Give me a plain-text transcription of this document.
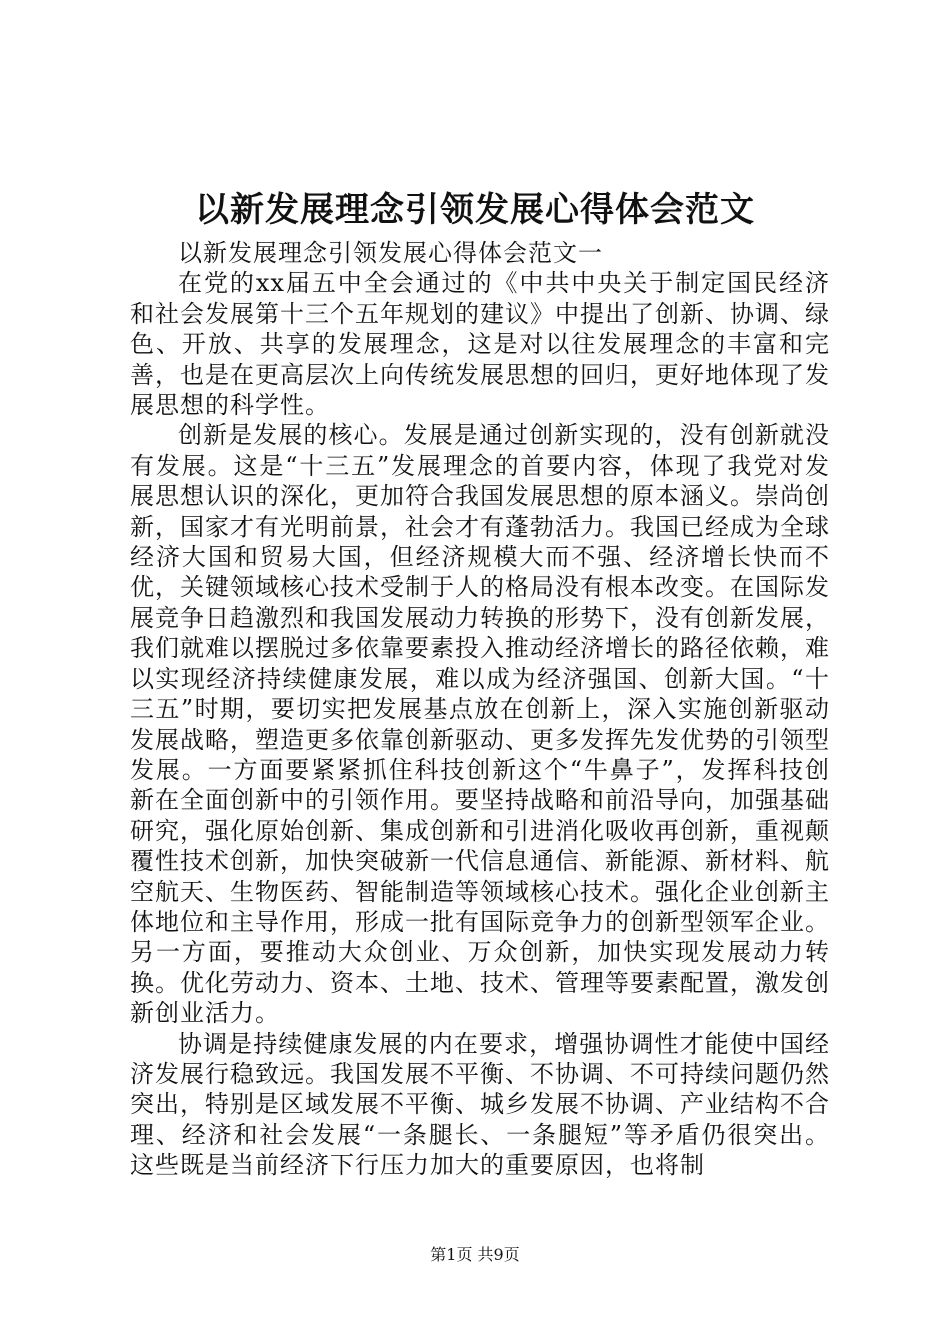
以新发展理念引领发展心得体会范文

以新发展理念引领发展心得体会范文一

在党的xx届五中全会通过的《中共中央关于制定国民经济和社会发展第十三个五年规划的建议》中提出了创新、协调、绿色、开放、共享的发展理念，这是对以往发展理念的丰富和完善，也是在更高层次上向传统发展思想的回归，更好地体现了发展思想的科学性。

创新是发展的核心。发展是通过创新实现的，没有创新就没有发展。这是“十三五”发展理念的首要内容，体现了我党对发展思想认识的深化，更加符合我国发展思想的原本涵义。崇尚创新，国家才有光明前景，社会才有蓬勃活力。我国已经成为全球经济大国和贸易大国，但经济规模大而不强、经济增长快而不优，关键领域核心技术受制于人的格局没有根本改变。在国际发展竞争日趋激烈和我国发展动力转换的形势下，没有创新发展，我们就难以摆脱过多依靠要素投入推动经济增长的路径依赖，难以实现经济持续健康发展，难以成为经济强国、创新大国。“十三五”时期，要切实把发展基点放在创新上，深入实施创新驱动发展战略，塑造更多依靠创新驱动、更多发挥先发优势的引领型发展。一方面要紧紧抓住科技创新这个“牛鼻子”，发挥科技创新在全面创新中的引领作用。要坚持战略和前沿导向，加强基础研究，强化原始创新、集成创新和引进消化吸收再创新，重视颠覆性技术创新，加快突破新一代信息通信、新能源、新材料、航空航天、生物医药、智能制造等领域核心技术。强化企业创新主体地位和主导作用，形成一批有国际竞争力的创新型领军企业。另一方面，要推动大众创业、万众创新，加快实现发展动力转换。优化劳动力、资本、土地、技术、管理等要素配置，激发创新创业活力。

协调是持续健康发展的内在要求，增强协调性才能使中国经济发展行稳致远。我国发展不平衡、不协调、不可持续问题仍然突出，特别是区域发展不平衡、城乡发展不协调、产业结构不合理、经济和社会发展“一条腿长、一条腿短”等矛盾仍很突出。这些既是当前经济下行压力加大的重要原因，也将制

第1页 共9页
